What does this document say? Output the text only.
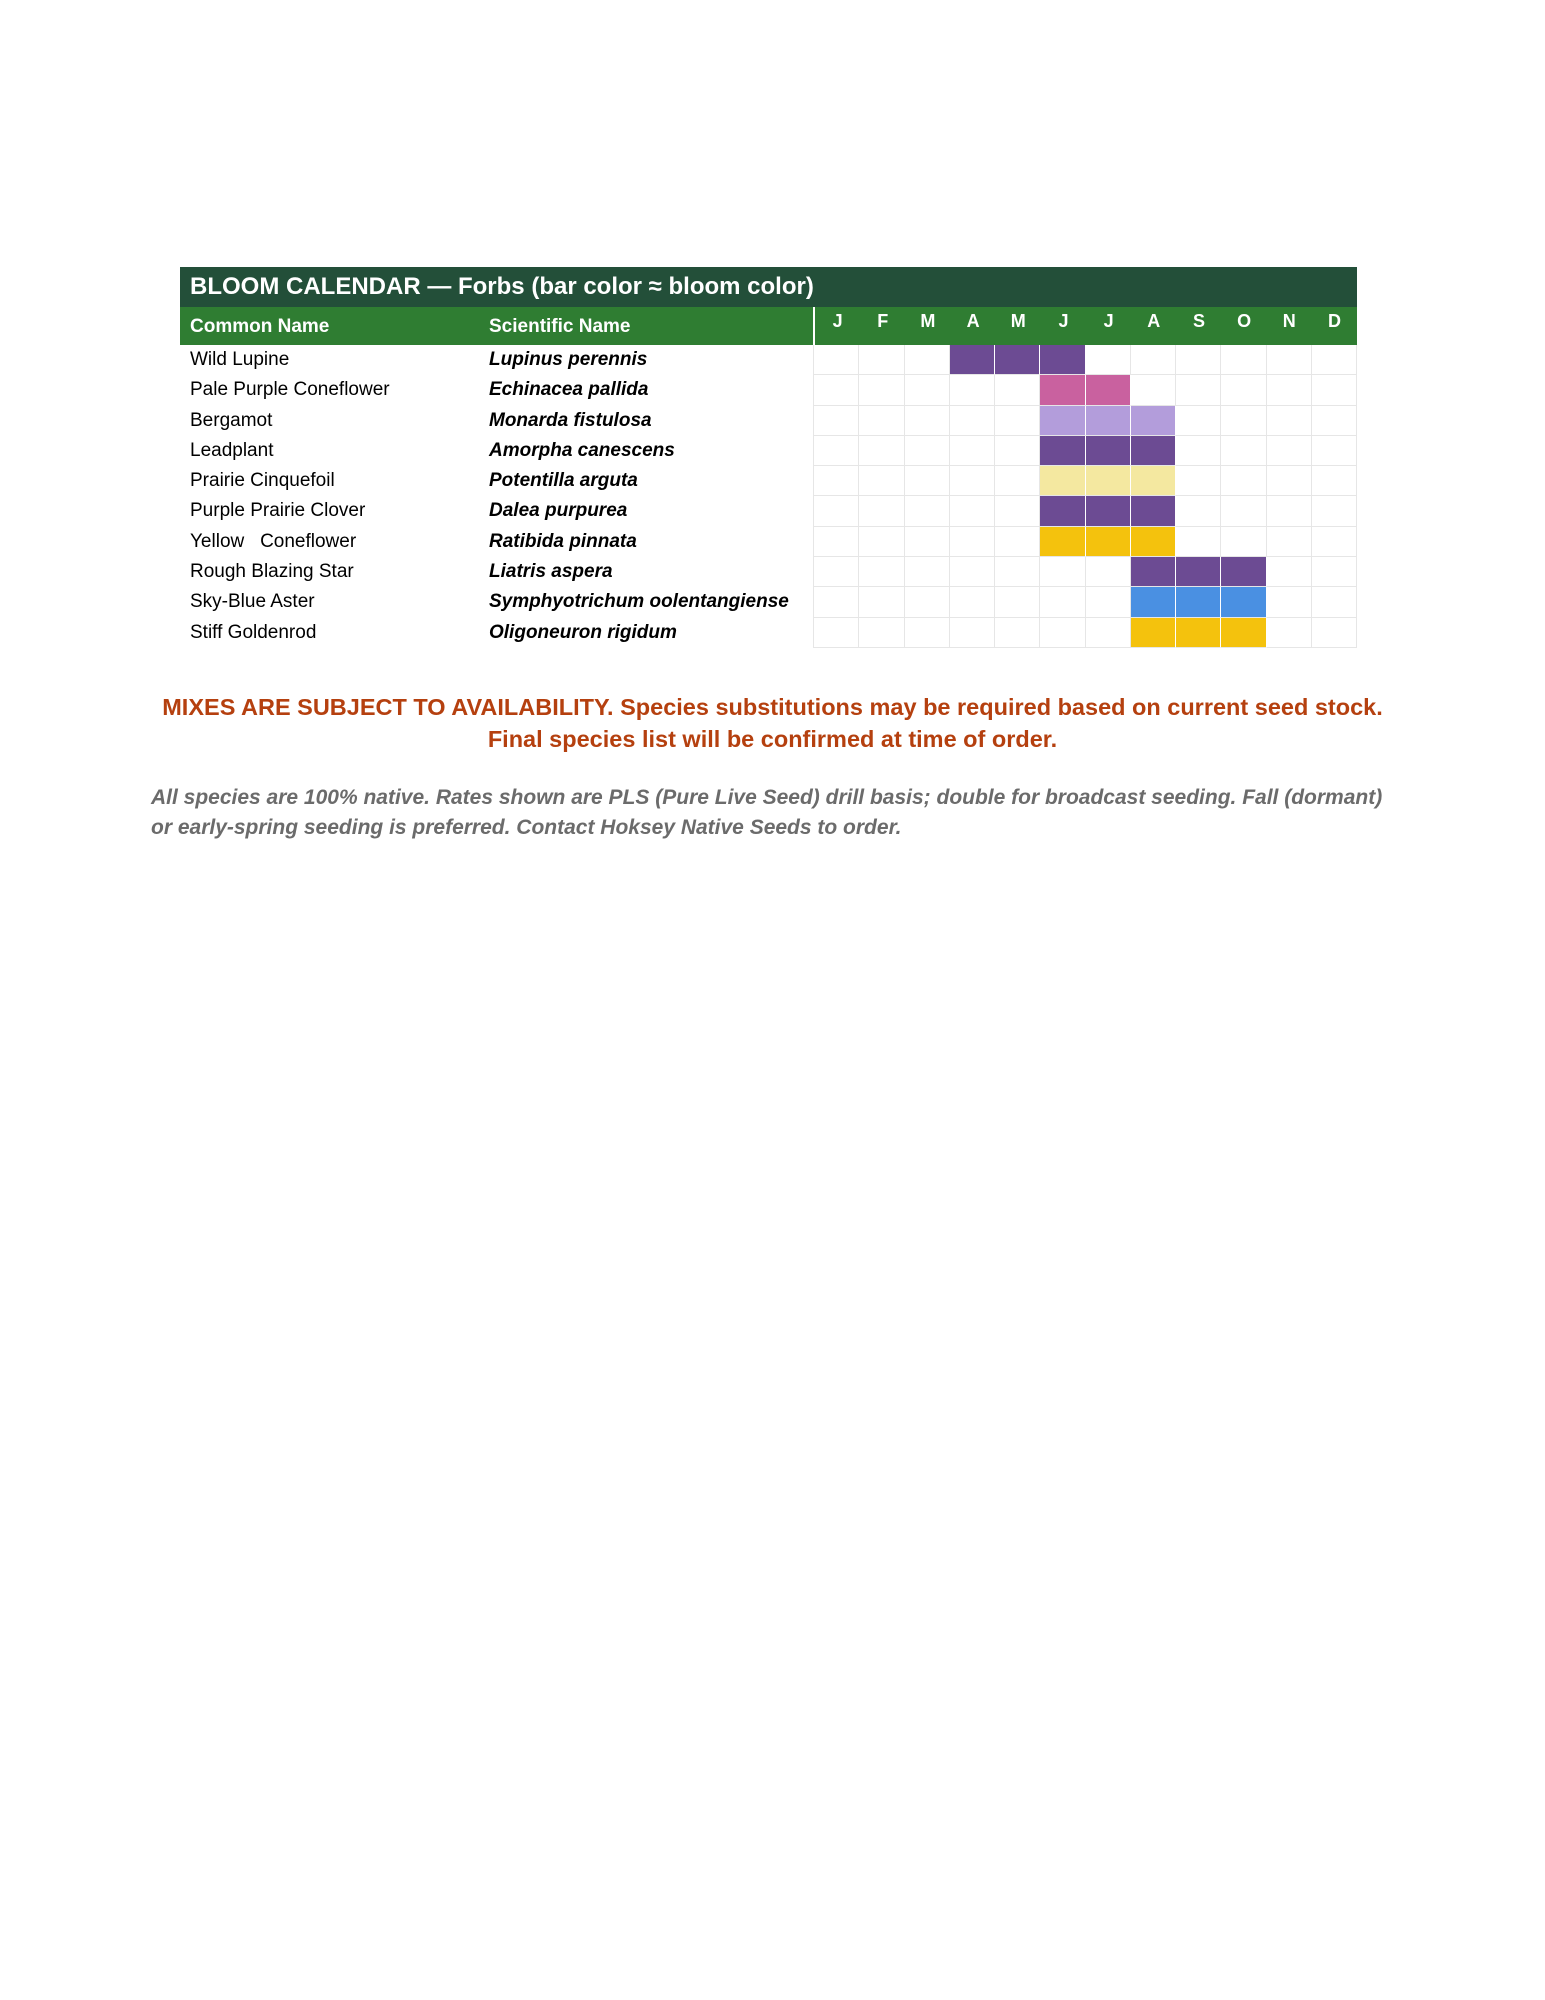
BLOOM CALENDAR — Forbs (bar color ≈ bloom color)
Common Name	Scientific Name	J	F	M	A	M	J	J	A	S	O	N	D
Wild Lupine	Lupinus perennis
Pale Purple Coneflower	Echinacea pallida
Bergamot	Monarda fistulosa
Leadplant	Amorpha canescens
Prairie Cinquefoil	Potentilla arguta
Purple Prairie Clover	Dalea purpurea
Yellow   Coneflower	Ratibida pinnata
Rough Blazing Star	Liatris aspera
Sky-Blue Aster	Symphyotrichum oolentangiense
Stiff Goldenrod	Oligoneuron rigidum
MIXES ARE SUBJECT TO AVAILABILITY. Species substitutions may be required based on current seed stock. Final species list will be confirmed at time of order.
All species are 100% native. Rates shown are PLS (Pure Live Seed) drill basis; double for broadcast seeding. Fall (dormant) or early-spring seeding is preferred. Contact Hoksey Native Seeds to order.
